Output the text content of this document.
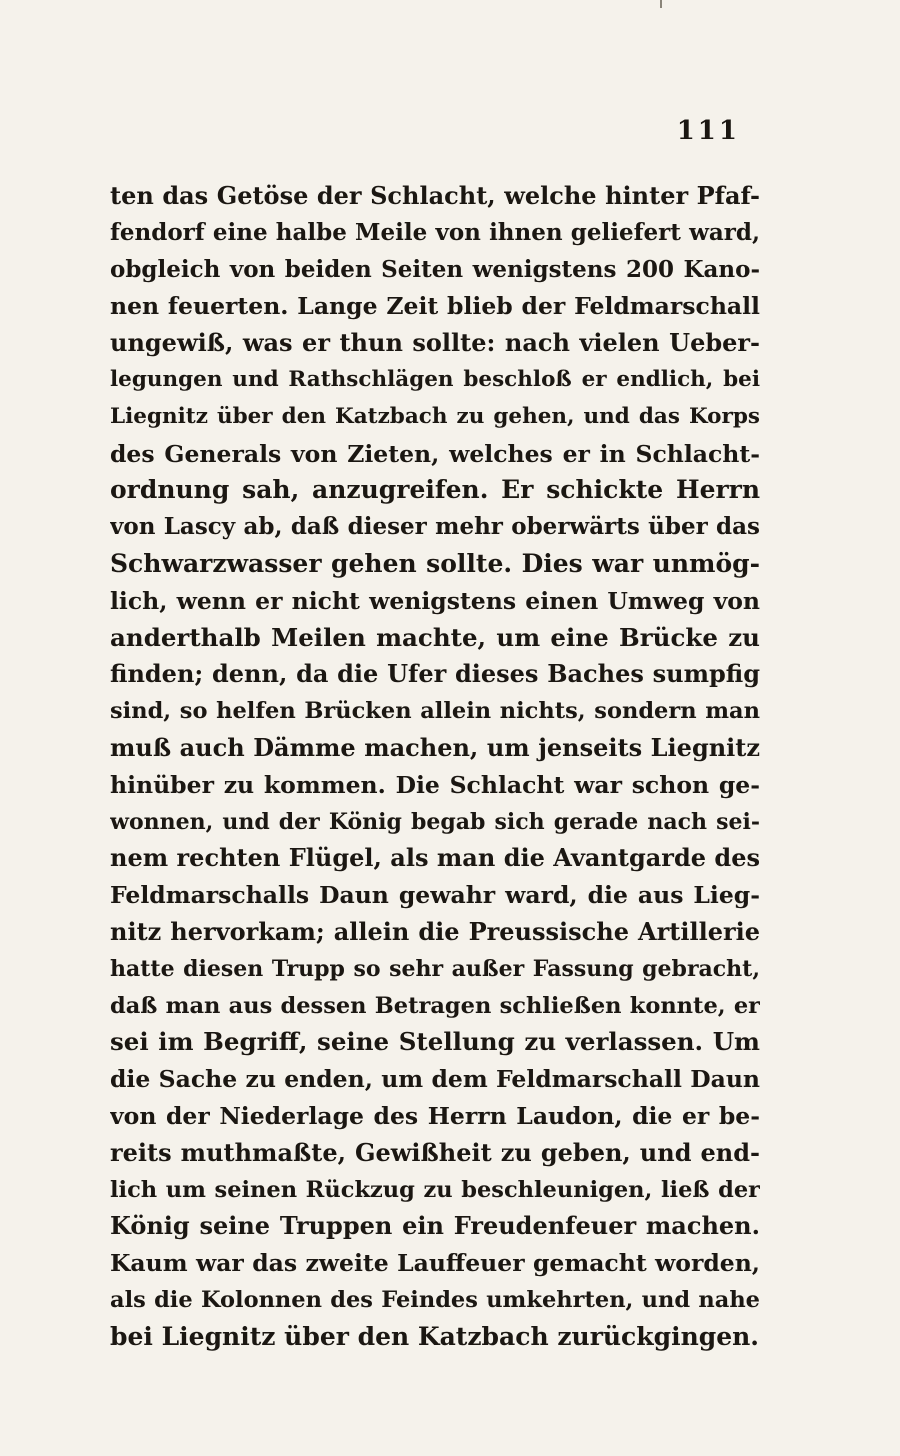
111
ten das Getöse der Schlacht, welche hinter Pfaf-
fendorf eine halbe Meile von ihnen geliefert ward,
obgleich von beiden Seiten wenigstens 200 Kano-
nen feuerten. Lange Zeit blieb der Feldmarschall
ungewiß, was er thun sollte: nach vielen Ueber-
legungen und Rathschlägen beschloß er endlich, bei
Liegnitz über den Katzbach zu gehen, und das Korps
des Generals von Zieten, welches er in Schlacht-
ordnung sah, anzugreifen. Er schickte Herrn
von Lascy ab, daß dieser mehr oberwärts über das
Schwarzwasser gehen sollte. Dies war unmög-
lich, wenn er nicht wenigstens einen Umweg von
anderthalb Meilen machte, um eine Brücke zu
finden; denn, da die Ufer dieses Baches sumpfig
sind, so helfen Brücken allein nichts, sondern man
muß auch Dämme machen, um jenseits Liegnitz
hinüber zu kommen. Die Schlacht war schon ge-
wonnen, und der König begab sich gerade nach sei-
nem rechten Flügel, als man die Avantgarde des
Feldmarschalls Daun gewahr ward, die aus Lieg-
nitz hervorkam; allein die Preussische Artillerie
hatte diesen Trupp so sehr außer Fassung gebracht,
daß man aus dessen Betragen schließen konnte, er
sei im Begriff, seine Stellung zu verlassen. Um
die Sache zu enden, um dem Feldmarschall Daun
von der Niederlage des Herrn Laudon, die er be-
reits muthmaßte, Gewißheit zu geben, und end-
lich um seinen Rückzug zu beschleunigen, ließ der
König seine Truppen ein Freudenfeuer machen.
Kaum war das zweite Lauffeuer gemacht worden,
als die Kolonnen des Feindes umkehrten, und nahe
bei Liegnitz über den Katzbach zurückgingen.
